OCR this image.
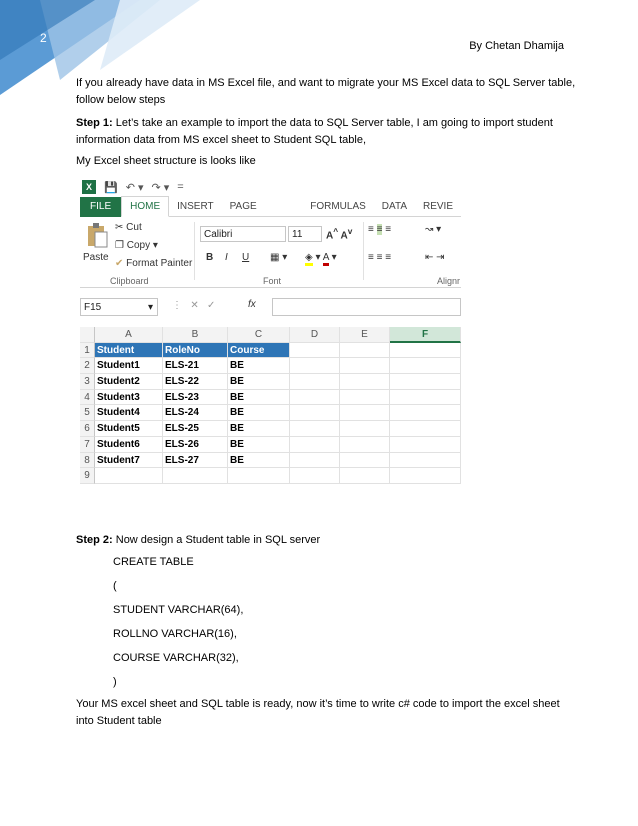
2
By Chetan Dhamija
If you already have data in MS Excel file, and want to migrate your MS Excel data to SQL Server table, follow below steps
Step 1: Let’s take an example to import the data to SQL Server table, I am going to import student information data from MS excel sheet to Student SQL table,
My Excel sheet structure is looks like
X	💾 ↶ ▾ ↷ ▾ =
FILE	HOME	INSERT	PAGE	FORMULAS	DATA	REVIE
Paste
✂ Cut
❐ Copy ▾
✔ Format Painter
Clipboard
Calibri	11	A^ $A^v$
B I U ▦ ▾ ◈ ▾ A ▾
Font
≡ ≡ ≡	↝ ▾
≡ ≡ ≡	⇤ ⇥
Alignr
F15	▾	⋮   ✕   ✓	fx
A	B	C	D	E	F
1 Student	RoleNo	Course
2 Student1	ELS-21	BE
3 Student2	ELS-22	BE
4 Student3	ELS-23	BE
5 Student4	ELS-24	BE
6 Student5	ELS-25	BE
7 Student6	ELS-26	BE
8 Student7	ELS-27	BE
9
Step 2: Now design a Student table in SQL server
CREATE TABLE
(
STUDENT VARCHAR(64),
ROLLNO VARCHAR(16),
COURSE VARCHAR(32),
)
Your MS excel sheet and SQL table is ready, now it’s time to write c# code to import the excel sheet into Student table
